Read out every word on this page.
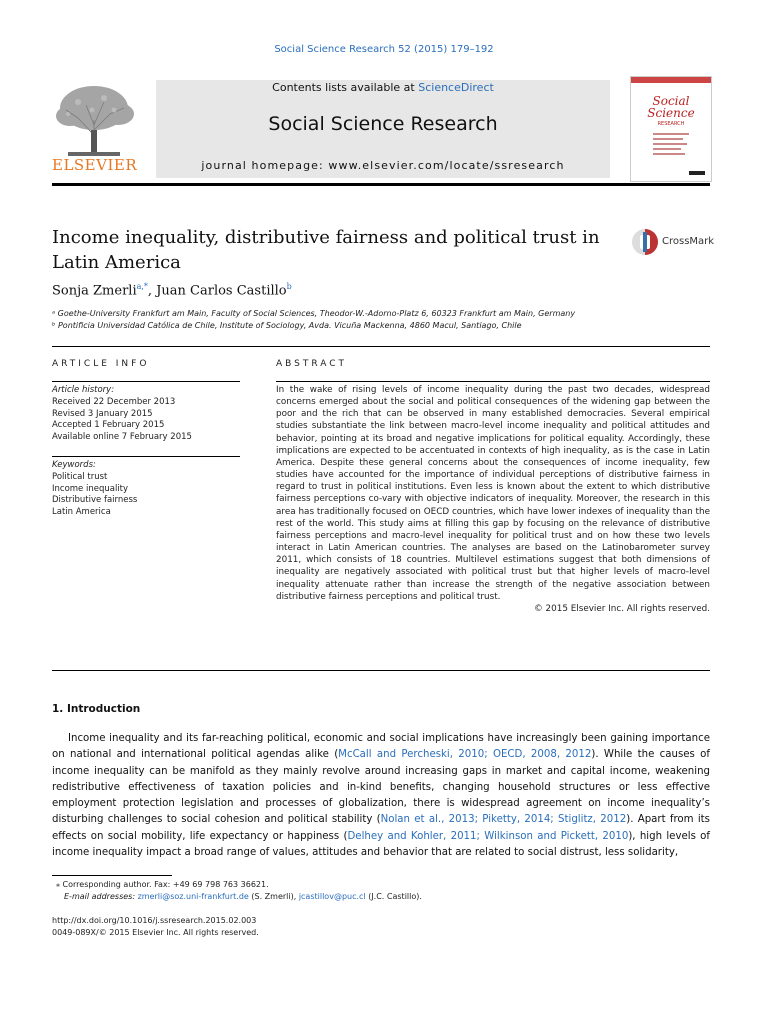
Social Science Research 52 (2015) 179–192
ELSEVIER
Contents lists available at ScienceDirect
Social Science Research
journal homepage: www.elsevier.com/locate/ssresearch
Social
Science
RESEARCH
Income inequality, distributive fairness and political trust in Latin America
CrossMark
Sonja Zmerli$^{a,*}$, Juan Carlos Castillo$^b$
ᵃ Goethe-University Frankfurt am Main, Faculty of Social Sciences, Theodor-W.-Adorno-Platz 6, 60323 Frankfurt am Main, Germany
ᵇ Pontificia Universidad Católica de Chile, Institute of Sociology, Avda. Vicuña Mackenna, 4860 Macul, Santiago, Chile
ARTICLE INFO
Article history:
Received 22 December 2013
Revised 3 January 2015
Accepted 1 February 2015
Available online 7 February 2015
Keywords:
Political trust
Income inequality
Distributive fairness
Latin America
ABSTRACT
In the wake of rising levels of income inequality during the past two decades, widespread concerns emerged about the social and political consequences of the widening gap between the poor and the rich that can be observed in many established democracies. Several empirical studies substantiate the link between macro-level income inequality and political attitudes and behavior, pointing at its broad and negative implications for political equality. Accordingly, these implications are expected to be accentuated in contexts of high inequality, as is the case in Latin America. Despite these general concerns about the consequences of income inequality, few studies have accounted for the importance of individual perceptions of distributive fairness in regard to trust in political institutions. Even less is known about the extent to which distributive fairness perceptions co-vary with objective indicators of inequality. Moreover, the research in this area has traditionally focused on OECD countries, which have lower indexes of inequality than the rest of the world. This study aims at filling this gap by focusing on the relevance of distributive fairness perceptions and macro-level inequality for political trust and on how these two levels interact in Latin American countries. The analyses are based on the Latinobarometer survey 2011, which consists of 18 countries. Multilevel estimations suggest that both dimensions of inequality are negatively associated with political trust but that higher levels of macro-level inequality attenuate rather than increase the strength of the negative association between distributive fairness perceptions and political trust.
© 2015 Elsevier Inc. All rights reserved.
1. Introduction

Income inequality and its far-reaching political, economic and social implications have increasingly been gaining importance on national and international political agendas alike (McCall and Percheski, 2010; OECD, 2008, 2012). While the causes of income inequality can be manifold as they mainly revolve around increasing gaps in market and capital income, weakening redistributive effectiveness of taxation policies and in-kind benefits, changing household structures or less effective employment protection legislation and processes of globalization, there is widespread agreement on income inequality’s disturbing challenges to social cohesion and political stability (Nolan et al., 2013; Piketty, 2014; Stiglitz, 2012). Apart from its effects on social mobility, life expectancy or happiness (Delhey and Kohler, 2011; Wilkinson and Pickett, 2010), high levels of income inequality impact a broad range of values, attitudes and behavior that are related to social distrust, less solidarity,

⁎ Corresponding author. Fax: +49 69 798 763 36621.
E-mail addresses: zmerli@soz.uni-frankfurt.de (S. Zmerli), jcastillov@puc.cl (J.C. Castillo).
http://dx.doi.org/10.1016/j.ssresearch.2015.02.003
0049-089X/© 2015 Elsevier Inc. All rights reserved.
